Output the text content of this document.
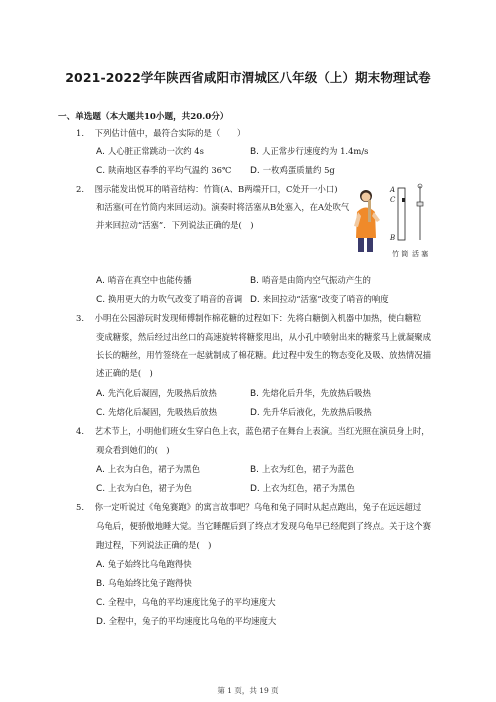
2021-2022学年陕西省咸阳市渭城区八年级（上）期末物理试卷
一、单选题（本大题共10小题，共20.0分）
1. 下列估计值中，最符合实际的是（　　）
A. 人心脏正常跳动一次约 4s	B. 人正常步行速度约为 1.4m/s
C. 陕南地区春季的平均气温约 36℃ D. 一枚鸡蛋质量约 5g
2. 图示能发出悦耳的哨音结构：竹筒(A、B两端开口，C处开一小口)
和活塞(可在竹筒内来回运动)。演奏时将活塞从B处塞入，在A处吹气
并来回拉动“活塞”．下列说法正确的是(　)
A
C
B
竹 筒 活 塞
A. 哨音在真空中也能传播	B. 哨音是由筒内空气振动产生的
C. 换用更大的力吹气改变了哨音的音调 D. 来回拉动“活塞”改变了哨音的响度
3. 小明在公园游玩时发现师傅制作棉花糖的过程如下：先将白糖倒入机器中加热，使白糖粒
变成糖浆，然后经过出丝口的高速旋转将糖浆甩出，从小孔中喷射出来的糖浆马上就凝聚成
长长的糖丝，用竹签绕在一起就制成了棉花糖。此过程中发生的物态变化及吸、放热情况描
述正确的是(　)
A. 先汽化后凝固，先吸热后放热	B. 先熔化后升华，先放热后吸热
C. 先熔化后凝固，先吸热后放热	D. 先升华后液化，先放热后吸热
4. 艺术节上，小明他们班女生穿白色上衣，蓝色裙子在舞台上表演。当红光照在演员身上时，
观众看到她们的(　)
A. 上衣为白色，裙子为黑色	B. 上衣为红色，裙子为蓝色
C. 上衣为白色，裙子为色	D. 上衣为红色，裙子为黑色
5. 你一定听说过《龟兔赛跑》的寓言故事吧？乌龟和兔子同时从起点跑出，兔子在远远超过
乌龟后，便骄傲地睡大觉。当它睡醒后到了终点才发现乌龟早已经爬到了终点。关于这个赛
跑过程，下列说法正确的是(　)
A. 兔子始终比乌龟跑得快
B. 乌龟始终比兔子跑得快
C. 全程中，乌龟的平均速度比兔子的平均速度大
D. 全程中，兔子的平均速度比乌龟的平均速度大
第 1 页，共 19 页
